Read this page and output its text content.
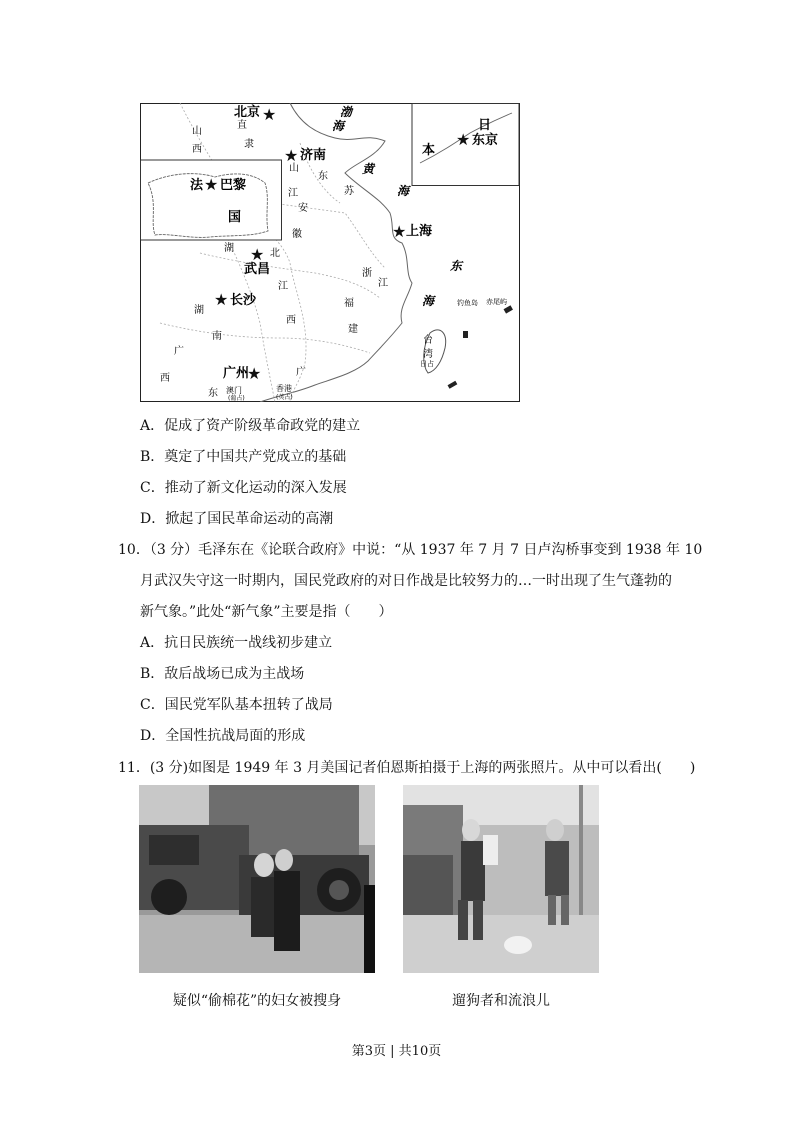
★
★
★
★
★
★
★
★
北京
济南
上海
武昌
长沙
广州
巴黎
法
国
东京
日
本
渤
海
黄
海
东
海
山
西
直
隶
山
东
苏
江
安
徽
湖	北
浙
江
江
西
福
建
湖
南
广
西
东
广
台
湾
日占
澳门
(葡占)
香港
(英占)
钓鱼岛 赤尾屿
A．促成了资产阶级革命政党的建立
B．奠定了中国共产党成立的基础
C．推动了新文化运动的深入发展
D．掀起了国民革命运动的高潮
10．（3 分）毛泽东在《论联合政府》中说：“从 1937 年 7 月 7 日卢沟桥事变到 1938 年 10
月武汉失守这一时期内，国民党政府的对日作战是比较努力的…一时出现了生气蓬勃的
新气象。”此处“新气象”主要是指（　　）
A．抗日民族统一战线初步建立
B．敌后战场已成为主战场
C．国民党军队基本扭转了战局
D．全国性抗战局面的形成
11．(3 分)如图是 1949 年 3 月美国记者伯恩斯拍摄于上海的两张照片。从中可以看出(　　)
疑似“偷棉花”的妇女被搜身	遛狗者和流浪儿
第3页 | 共10页
